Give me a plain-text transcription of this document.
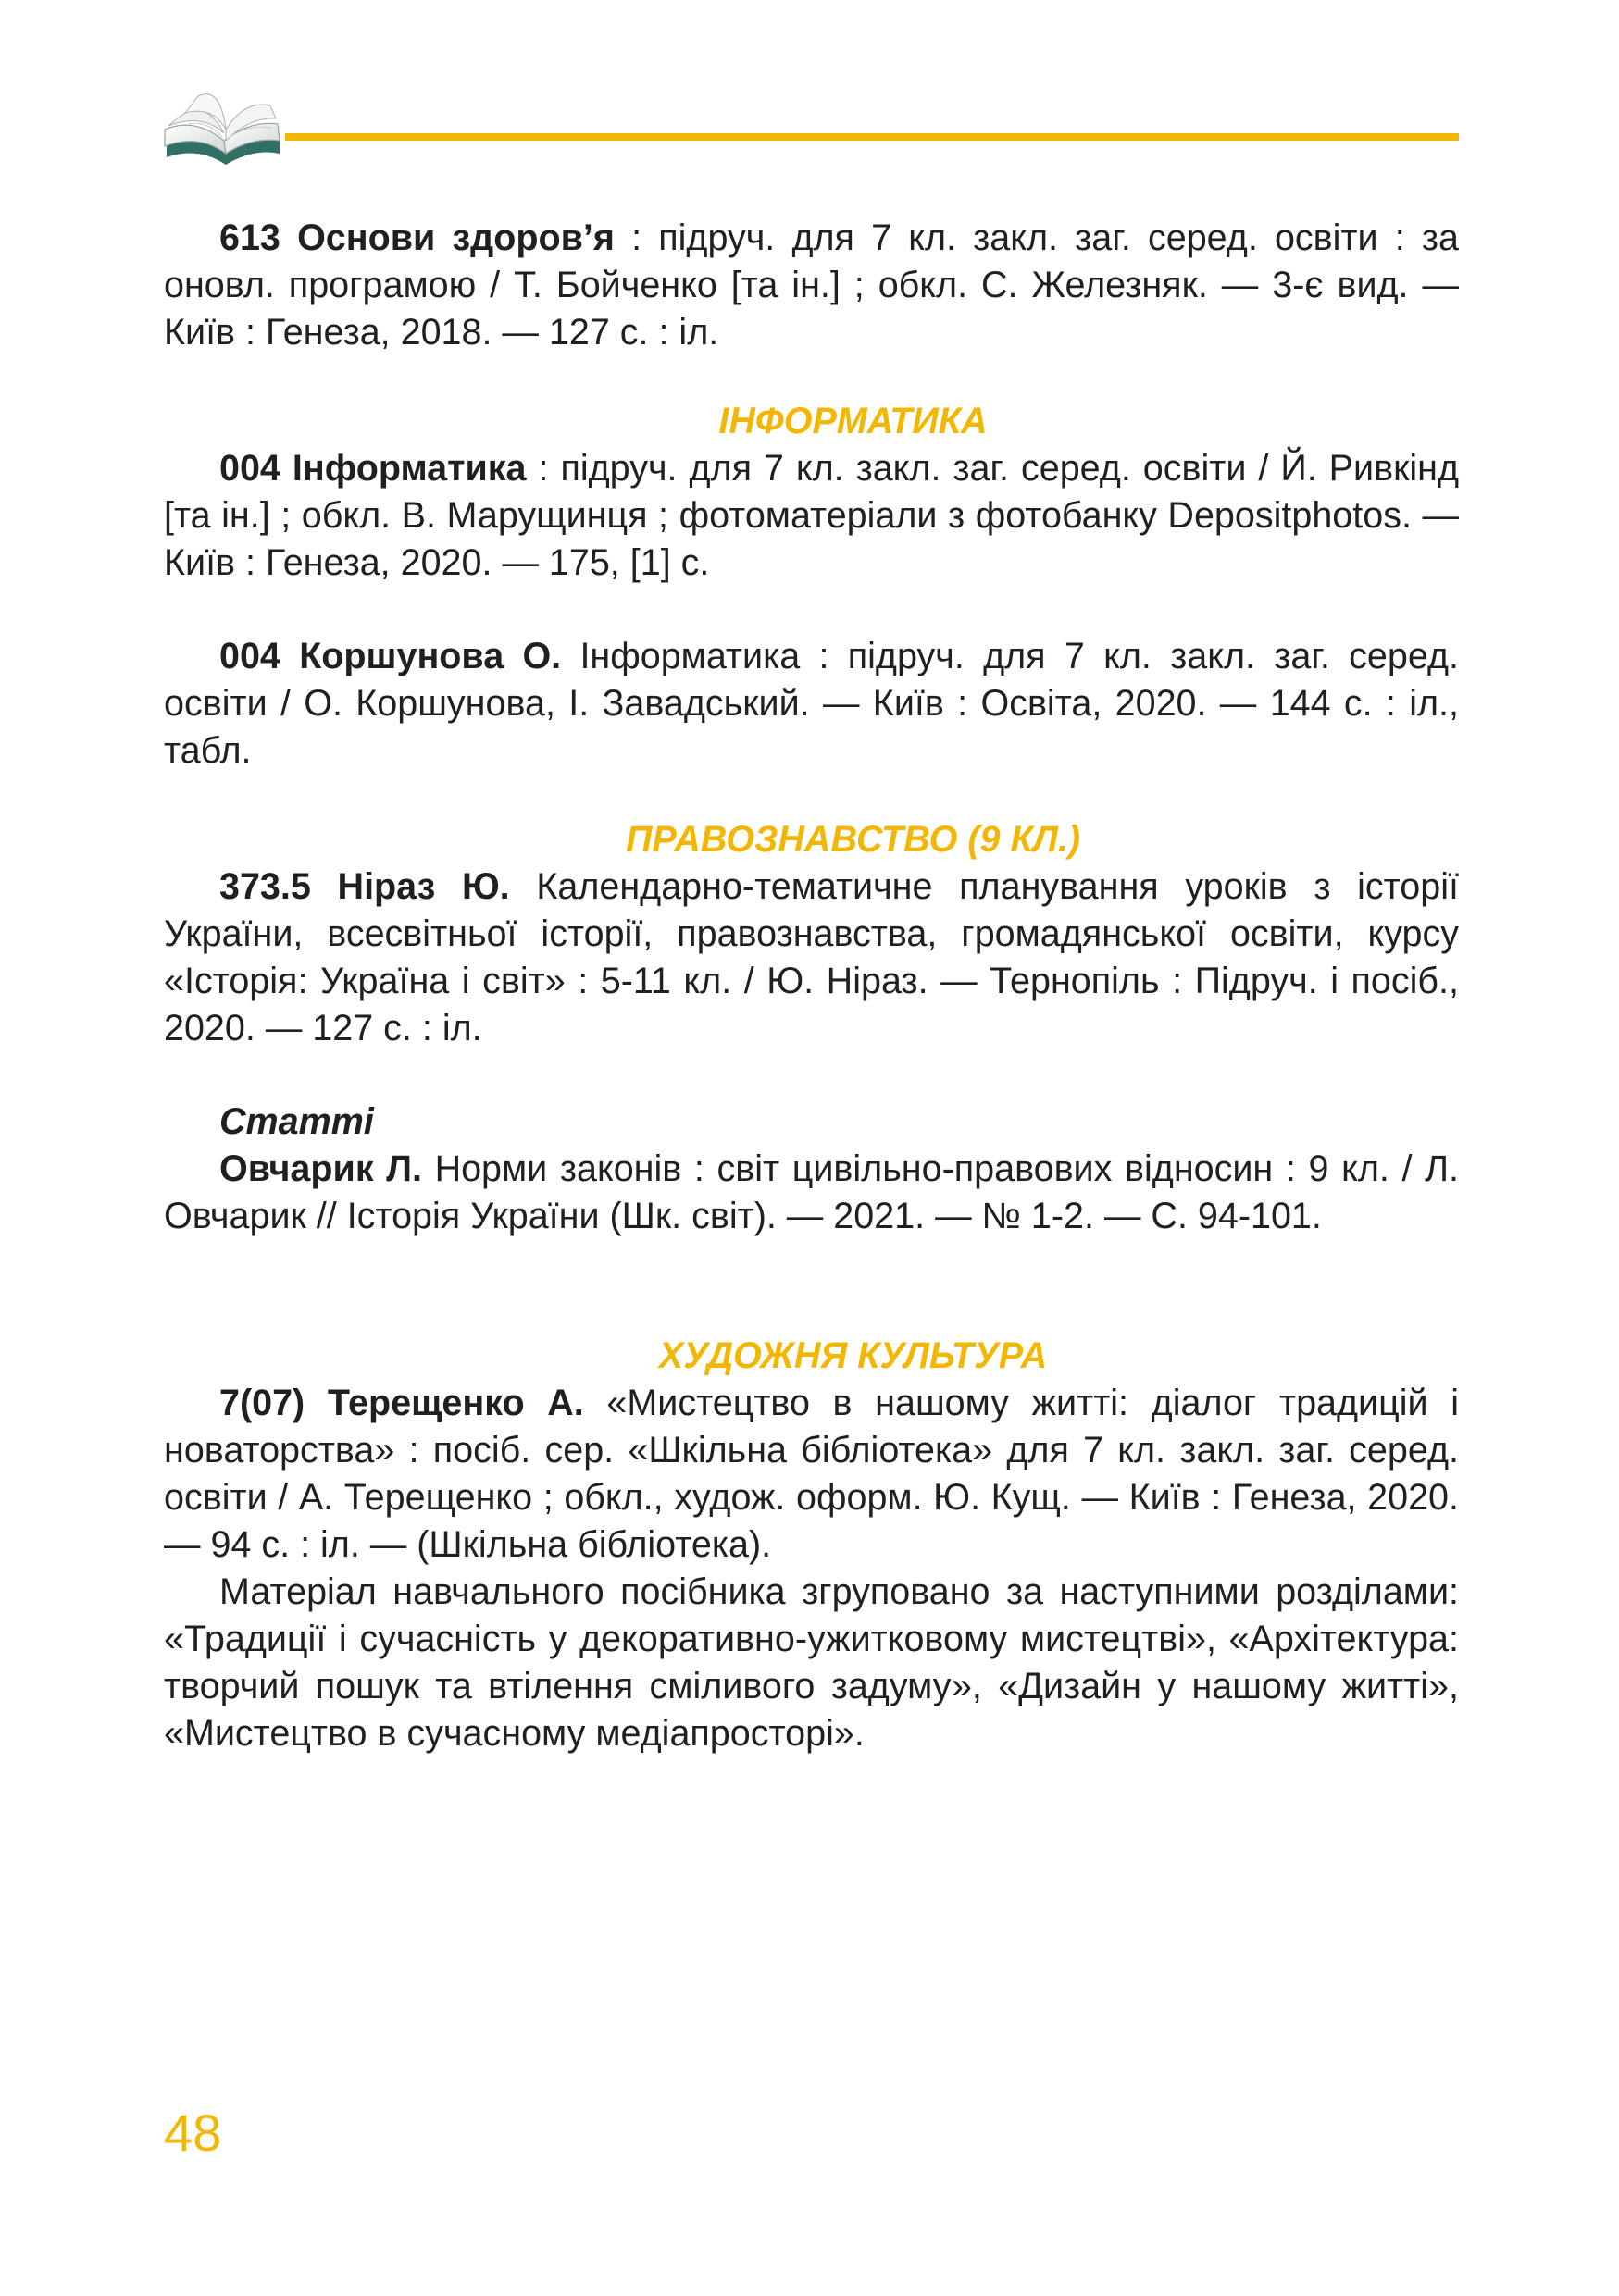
613 Основи здоров’я : підруч. для 7 кл. закл. заг. серед. освіти : за оновл. програмою / Т. Бойченко [та ін.] ; обкл. С. Железняк. — 3-є вид. — Київ : Генеза, 2018. — 127 с. : іл.

ІНФОРМАТИКА

004 Інформатика : підруч. для 7 кл. закл. заг. серед. освіти / Й. Ривкінд [та ін.] ; обкл. В. Марущинця ; фотоматеріали з фотобанку Depositphotos. — Київ : Генеза, 2020. — 175, [1] с.

004 Коршунова О. Інформатика : підруч. для 7 кл. закл. заг. серед. освіти / О. Коршунова, І. Завадський. — Київ : Освіта, 2020. — 144 с. : іл., табл.

ПРАВОЗНАВСТВО (9 КЛ.)

373.5 Ніраз Ю. Календарно-тематичне планування уроків з історії України, всесвітньої історії, правознавства, громадянської освіти, курсу «Історія: Україна і світ» : 5-11 кл. / Ю. Ніраз. — Тернопіль : Підруч. і посіб., 2020. — 127 с. : іл.

Статті

Овчарик Л. Норми законів : світ цивільно-правових відносин : 9 кл. / Л. Овчарик // Історія України (Шк. світ). — 2021. — № 1-2. — С. 94-101.

ХУДОЖНЯ КУЛЬТУРА

7(07) Терещенко А. «Мистецтво в нашому житті: діалог традицій і новаторства» : посіб. сер. «Шкільна бібліотека» для 7 кл. закл. заг. серед. освіти / А. Терещенко ; обкл., худож. оформ. Ю. Кущ. — Київ : Генеза, 2020. — 94 с. : іл. — (Шкільна бібліотека).

Матеріал навчального посібника згруповано за наступними розділами: «Традиції і сучасність у декоративно-ужитковому мистецтві», «Архітектура: творчий пошук та втілення сміливого задуму», «Дизайн у нашому житті», «Мистецтво в сучасному медіапросторі».

48
